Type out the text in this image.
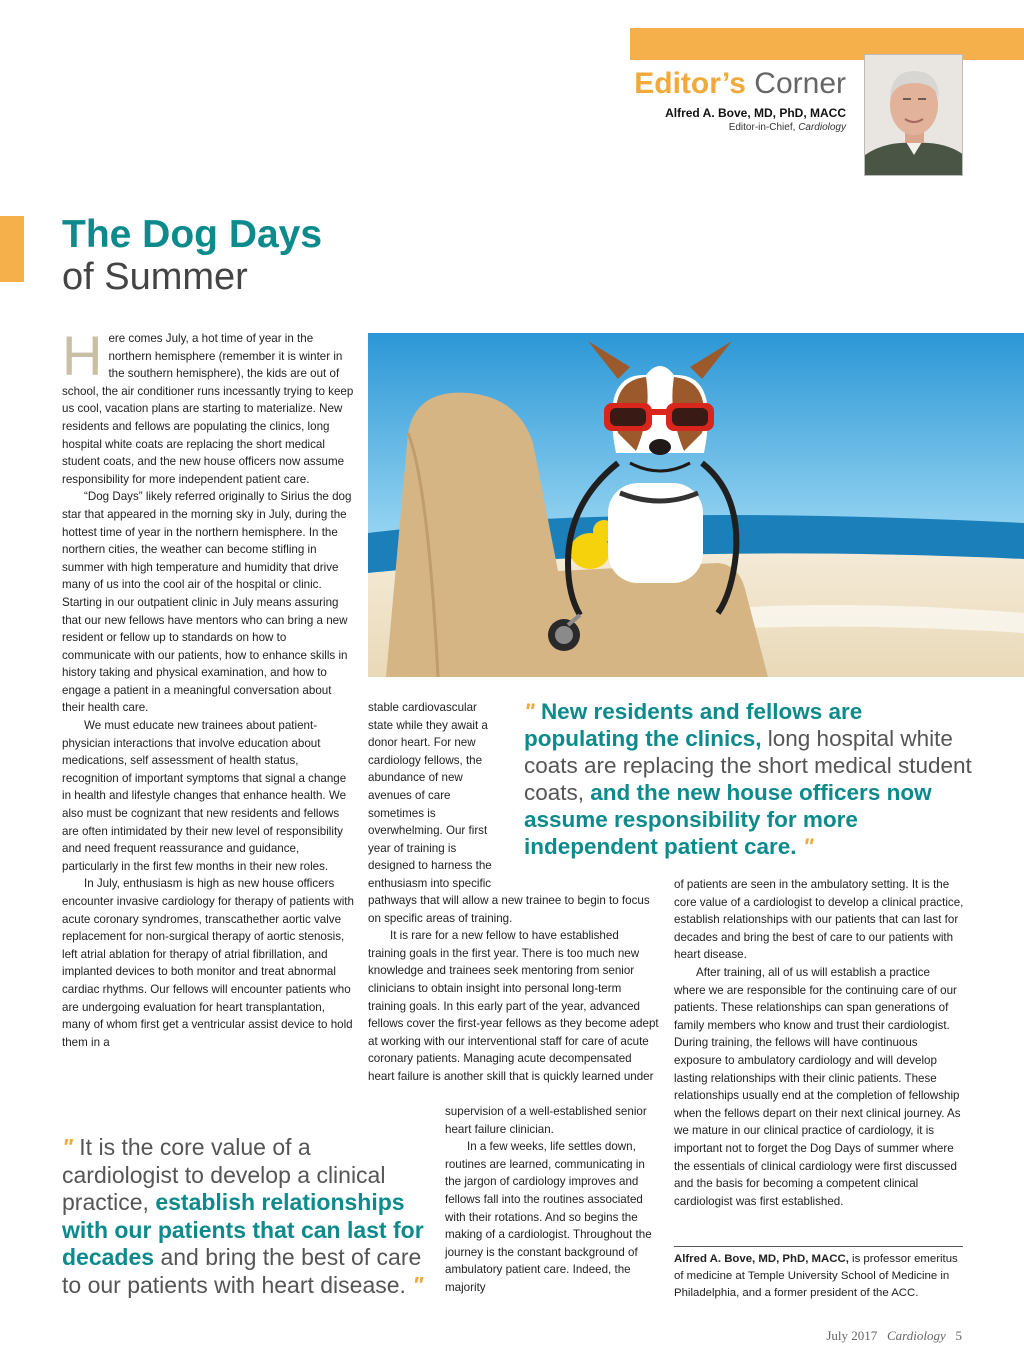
Editor’s Corner
Alfred A. Bove, MD, PhD, MACC
Editor-in-Chief, Cardiology
The Dog Days
of Summer
H ere comes July, a hot time of year in the northern hemisphere (remember it is winter in the southern hemisphere), the kids are out of school, the air conditioner runs incessantly trying to keep us cool, vacation plans are starting to materialize. New residents and fellows are populating the clinics, long hospital white coats are replacing the short medical student coats, and the new house officers now assume responsibility for more independent patient care.

“Dog Days” likely referred originally to Sirius the dog star that appeared in the morning sky in July, during the hottest time of year in the northern hemisphere. In the northern cities, the weather can become stifling in summer with high temperature and humidity that drive many of us into the cool air of the hospital or clinic. Starting in our outpatient clinic in July means assuring that our new fellows have mentors who can bring a new resident or fellow up to standards on how to communicate with our patients, how to enhance skills in history taking and physical examination, and how to engage a patient in a meaningful conversation about their health care.

We must educate new trainees about patient-physician interactions that involve education about medications, self assessment of health status, recognition of important symptoms that signal a change in health and lifestyle changes that enhance health. We also must be cognizant that new residents and fellows are often intimidated by their new level of responsibility and need frequent reassurance and guidance, particularly in the first few months in their new roles.

In July, enthusiasm is high as new house officers encounter invasive cardiology for therapy of patients with acute coronary syndromes, transcathether aortic valve replacement for non-surgical therapy of aortic stenosis, left atrial ablation for therapy of atrial fibrillation, and implanted devices to both monitor and treat abnormal cardiac rhythms. Our fellows will encounter patients who are undergoing evaluation for heart transplantation, many of whom first get a ventricular assist device to hold them in a

stable cardiovascular state while they await a donor heart. For new cardiology fellows, the abundance of new avenues of care sometimes is overwhelming. Our first year of training is designed to harness the enthusiasm into specific

" New residents and fellows are populating the clinics, long hospital white coats are replacing the short medical student coats, and the new house officers now assume responsibility for more independent patient care. "

pathways that will allow a new trainee to begin to focus on specific areas of training.

It is rare for a new fellow to have established training goals in the first year. There is too much new knowledge and trainees seek mentoring from senior clinicians to obtain insight into personal long-term training goals. In this early part of the year, advanced fellows cover the first-year fellows as they become adept at working with our interventional staff for care of acute coronary patients. Managing acute decompensated heart failure is another skill that is quickly learned under

supervision of a well-established senior heart failure clinician.

In a few weeks, life settles down, routines are learned, communicating in the jargon of cardiology improves and fellows fall into the routines associated with their rotations. And so begins the making of a cardiologist. Throughout the journey is the constant background of ambulatory patient care. Indeed, the majority

of patients are seen in the ambulatory setting. It is the core value of a cardiologist to develop a clinical practice, establish relationships with our patients that can last for decades and bring the best of care to our patients with heart disease.

After training, all of us will establish a practice where we are responsible for the continuing care of our patients. These relationships can span generations of family members who know and trust their cardiologist. During training, the fellows will have continuous exposure to ambulatory cardiology and will develop lasting relationships with their clinic patients. These relationships usually end at the completion of fellowship when the fellows depart on their next clinical journey. As we mature in our clinical practice of cardiology, it is important not to forget the Dog Days of summer where the essentials of clinical cardiology were first discussed and the basis for becoming a competent clinical cardiologist was first established.

" It is the core value of a cardiologist to develop a clinical practice, establish relationships with our patients that can last for decades and bring the best of care to our patients with heart disease. "
Alfred A. Bove, MD, PhD, MACC, is professor emeritus of medicine at Temple University School of Medicine in Philadelphia, and a former president of the ACC.
July 2017 Cardiology 5
